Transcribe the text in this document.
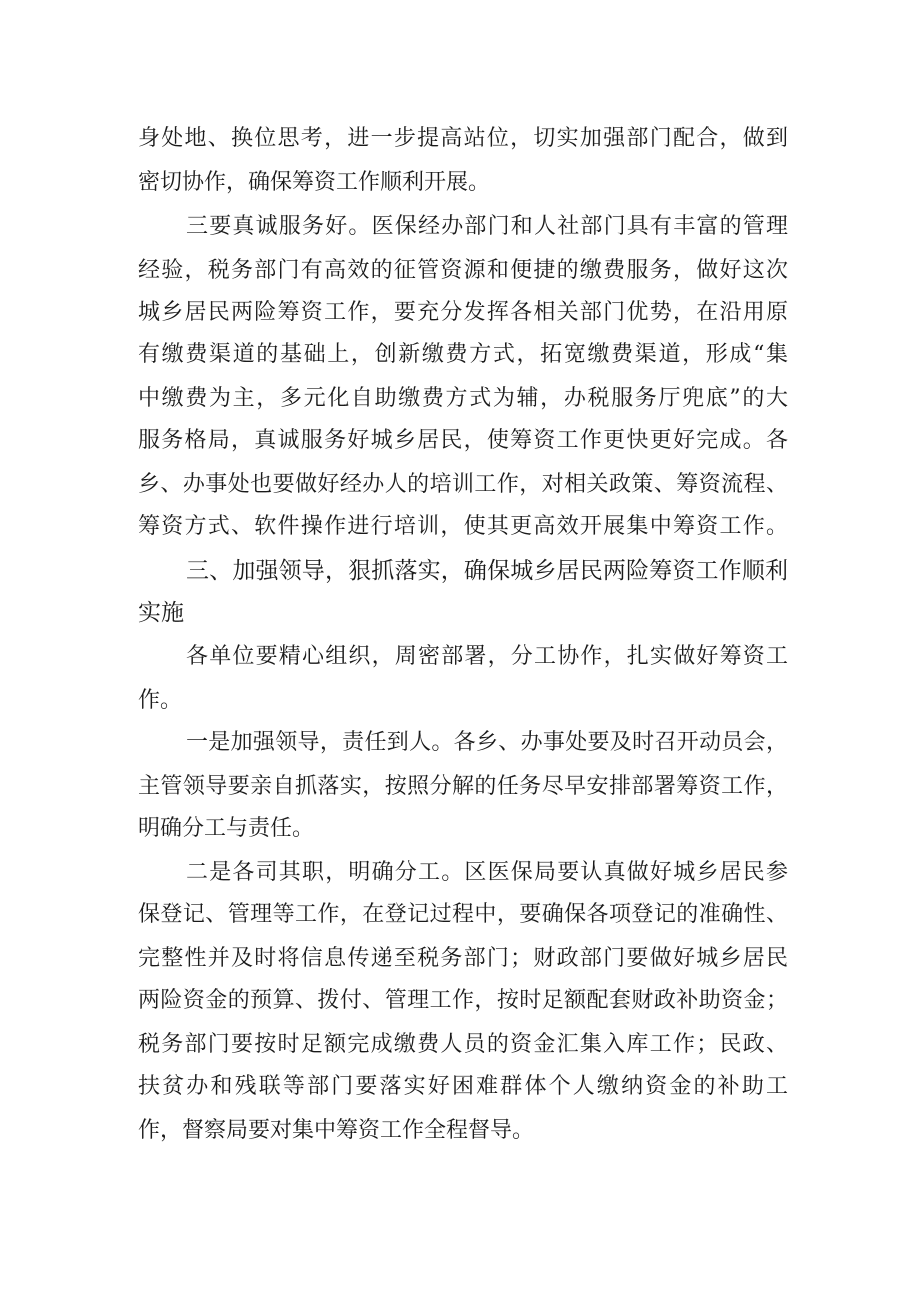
身处地、换位思考，进一步提高站位，切实加强部门配合，做到
密切协作，确保筹资工作顺利开展。
三要真诚服务好。医保经办部门和人社部门具有丰富的管理
经验，税务部门有高效的征管资源和便捷的缴费服务，做好这次
城乡居民两险筹资工作，要充分发挥各相关部门优势，在沿用原
有缴费渠道的基础上，创新缴费方式，拓宽缴费渠道，形成“集
中缴费为主，多元化自助缴费方式为辅，办税服务厅兜底”的大
服务格局，真诚服务好城乡居民，使筹资工作更快更好完成。各
乡、办事处也要做好经办人的培训工作，对相关政策、筹资流程、
筹资方式、软件操作进行培训，使其更高效开展集中筹资工作。
三、加强领导，狠抓落实，确保城乡居民两险筹资工作顺利
实施
各单位要精心组织，周密部署，分工协作，扎实做好筹资工
作。
一是加强领导，责任到人。各乡、办事处要及时召开动员会，
主管领导要亲自抓落实，按照分解的任务尽早安排部署筹资工作，
明确分工与责任。
二是各司其职，明确分工。区医保局要认真做好城乡居民参
保登记、管理等工作，在登记过程中，要确保各项登记的准确性、
完整性并及时将信息传递至税务部门；财政部门要做好城乡居民
两险资金的预算、拨付、管理工作，按时足额配套财政补助资金；
税务部门要按时足额完成缴费人员的资金汇集入库工作；民政、
扶贫办和残联等部门要落实好困难群体个人缴纳资金的补助工
作，督察局要对集中筹资工作全程督导。
